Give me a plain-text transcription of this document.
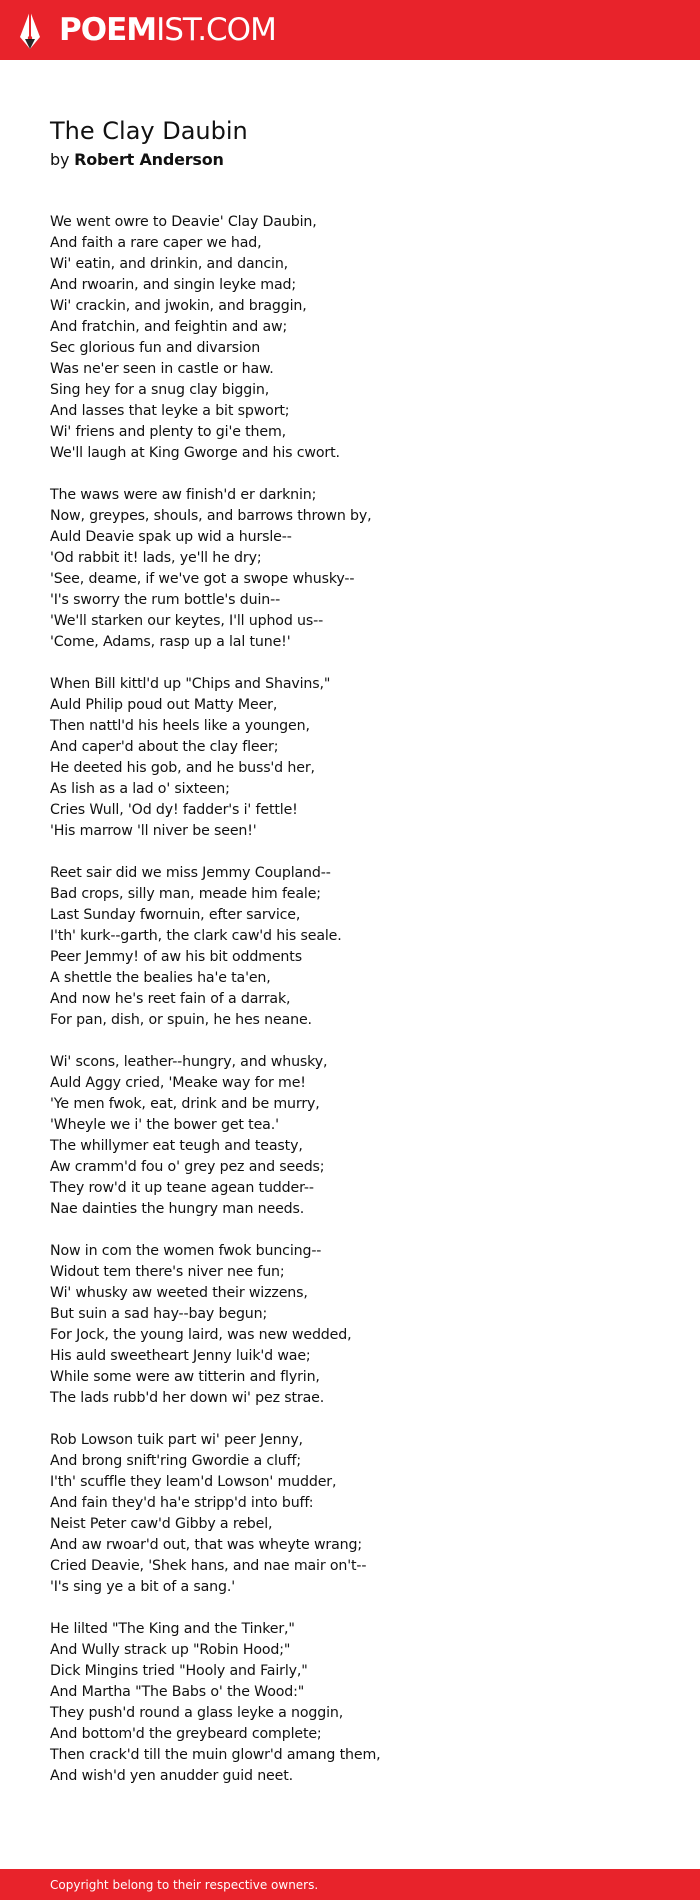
POEMIST.COM
The Clay Daubin
by Robert Anderson
We went owre to Deavie' Clay Daubin,
And faith a rare caper we had,
Wi' eatin, and drinkin, and dancin,
And rwoarin, and singin leyke mad;
Wi' crackin, and jwokin, and braggin,
And fratchin, and feightin and aw;
Sec glorious fun and divarsion
Was ne'er seen in castle or haw.
Sing hey for a snug clay biggin,
And lasses that leyke a bit spwort;
Wi' friens and plenty to gi'e them,
We'll laugh at King Gworge and his cwort.
The waws were aw finish'd er darknin;
Now, greypes, shouls, and barrows thrown by,
Auld Deavie spak up wid a hursle--
'Od rabbit it! lads, ye'll he dry;
'See, deame, if we've got a swope whusky--
'I's sworry the rum bottle's duin--
'We'll starken our keytes, I'll uphod us--
'Come, Adams, rasp up a lal tune!'
When Bill kittl'd up "Chips and Shavins,"
Auld Philip poud out Matty Meer,
Then nattl'd his heels like a youngen,
And caper'd about the clay fleer;
He deeted his gob, and he buss'd her,
As lish as a lad o' sixteen;
Cries Wull, 'Od dy! fadder's i' fettle!
'His marrow 'll niver be seen!'
Reet sair did we miss Jemmy Coupland--
Bad crops, silly man, meade him feale;
Last Sunday fwornuin, efter sarvice,
I'th' kurk--garth, the clark caw'd his seale.
Peer Jemmy! of aw his bit oddments
A shettle the bealies ha'e ta'en,
And now he's reet fain of a darrak,
For pan, dish, or spuin, he hes neane.
Wi' scons, leather--hungry, and whusky,
Auld Aggy cried, 'Meake way for me!
'Ye men fwok, eat, drink and be murry,
'Wheyle we i' the bower get tea.'
The whillymer eat teugh and teasty,
Aw cramm'd fou o' grey pez and seeds;
They row'd it up teane agean tudder--
Nae dainties the hungry man needs.
Now in com the women fwok buncing--
Widout tem there's niver nee fun;
Wi' whusky aw weeted their wizzens,
But suin a sad hay--bay begun;
For Jock, the young laird, was new wedded,
His auld sweetheart Jenny luik'd wae;
While some were aw titterin and flyrin,
The lads rubb'd her down wi' pez strae.
Rob Lowson tuik part wi' peer Jenny,
And brong snift'ring Gwordie a cluff;
I'th' scuffle they leam'd Lowson' mudder,
And fain they'd ha'e stripp'd into buff:
Neist Peter caw'd Gibby a rebel,
And aw rwoar'd out, that was wheyte wrang;
Cried Deavie, 'Shek hans, and nae mair on't--
'I's sing ye a bit of a sang.'
He lilted "The King and the Tinker,"
And Wully strack up "Robin Hood;"
Dick Mingins tried "Hooly and Fairly,"
And Martha "The Babs o' the Wood:"
They push'd round a glass leyke a noggin,
And bottom'd the greybeard complete;
Then crack'd till the muin glowr'd amang them,
And wish'd yen anudder guid neet.
Copyright belong to their respective owners.
